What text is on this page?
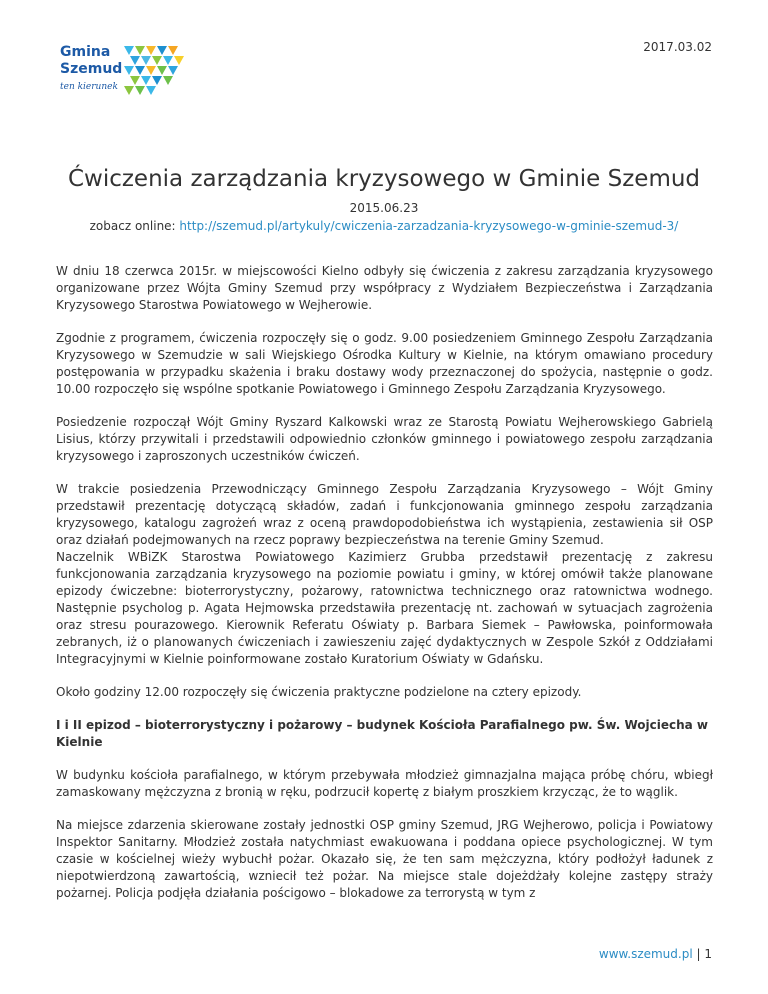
Gmina
Szemud
ten kierunek
2017.03.02
Ćwiczenia zarządzania kryzysowego w Gminie Szemud
2015.06.23
zobacz online: http://szemud.pl/artykuly/cwiczenia-zarzadzania-kryzysowego-w-gminie-szemud-3/

W dniu 18 czerwca 2015r. w miejscowości Kielno odbyły się ćwiczenia z zakresu zarządzania kryzysowego organizowane przez Wójta Gminy Szemud przy współpracy z Wydziałem Bezpieczeństwa i Zarządzania Kryzysowego Starostwa Powiatowego w Wejherowie.

Zgodnie z programem, ćwiczenia rozpoczęły się o godz. 9.00 posiedzeniem Gminnego Zespołu Zarządzania Kryzysowego w Szemudzie w sali Wiejskiego Ośrodka Kultury w Kielnie, na którym omawiano procedury postępowania w przypadku skażenia i braku dostawy wody przeznaczonej do spożycia, następnie o godz. 10.00 rozpoczęło się wspólne spotkanie Powiatowego i Gminnego Zespołu Zarządzania Kryzysowego.

Posiedzenie rozpoczął Wójt Gminy Ryszard Kalkowski wraz ze Starostą Powiatu Wejherowskiego Gabrielą Lisius, którzy przywitali i przedstawili odpowiednio członków gminnego i powiatowego zespołu zarządzania kryzysowego i zaproszonych uczestników ćwiczeń.

W trakcie posiedzenia Przewodniczący Gminnego Zespołu Zarządzania Kryzysowego – Wójt Gminy przedstawił prezentację dotyczącą składów, zadań i funkcjonowania gminnego zespołu zarządzania kryzysowego, katalogu zagrożeń wraz z oceną prawdopodobieństwa ich wystąpienia, zestawienia sił OSP oraz działań podejmowanych na rzecz poprawy bezpieczeństwa na terenie Gminy Szemud.

Naczelnik WBiZK Starostwa Powiatowego Kazimierz Grubba przedstawił prezentację z zakresu funkcjonowania zarządzania kryzysowego na poziomie powiatu i gminy, w której omówił także planowane epizody ćwiczebne: bioterrorystyczny, pożarowy, ratownictwa technicznego oraz ratownictwa wodnego. Następnie psycholog p. Agata Hejmowska przedstawiła prezentację nt. zachowań w sytuacjach zagrożenia oraz stresu pourazowego. Kierownik Referatu Oświaty p. Barbara Siemek – Pawłowska, poinformowała zebranych, iż o planowanych ćwiczeniach i zawieszeniu zajęć dydaktycznych w Zespole Szkół z Oddziałami Integracyjnymi w Kielnie poinformowane zostało Kuratorium Oświaty w Gdańsku.

Około godziny 12.00 rozpoczęły się ćwiczenia praktyczne podzielone na cztery epizody.

I i II epizod – bioterrorystyczny i pożarowy – budynek Kościoła Parafialnego pw. Św. Wojciecha w Kielnie

W budynku kościoła parafialnego, w którym przebywała młodzież gimnazjalna mająca próbę chóru, wbiegł zamaskowany mężczyzna z bronią w ręku, podrzucił kopertę z białym proszkiem krzycząc, że to wąglik.

Na miejsce zdarzenia skierowane zostały jednostki OSP gminy Szemud, JRG Wejherowo, policja i Powiatowy Inspektor Sanitarny. Młodzież została natychmiast ewakuowana i poddana opiece psychologicznej. W tym czasie w kościelnej wieży wybuchł pożar. Okazało się, że ten sam mężczyzna, który podłożył ładunek z niepotwierdzoną zawartością, wzniecił też pożar. Na miejsce stale dojeżdżały kolejne zastępy straży pożarnej. Policja podjęła działania pościgowo – blokadowe za terrorystą w tym z

www.szemud.pl | 1
